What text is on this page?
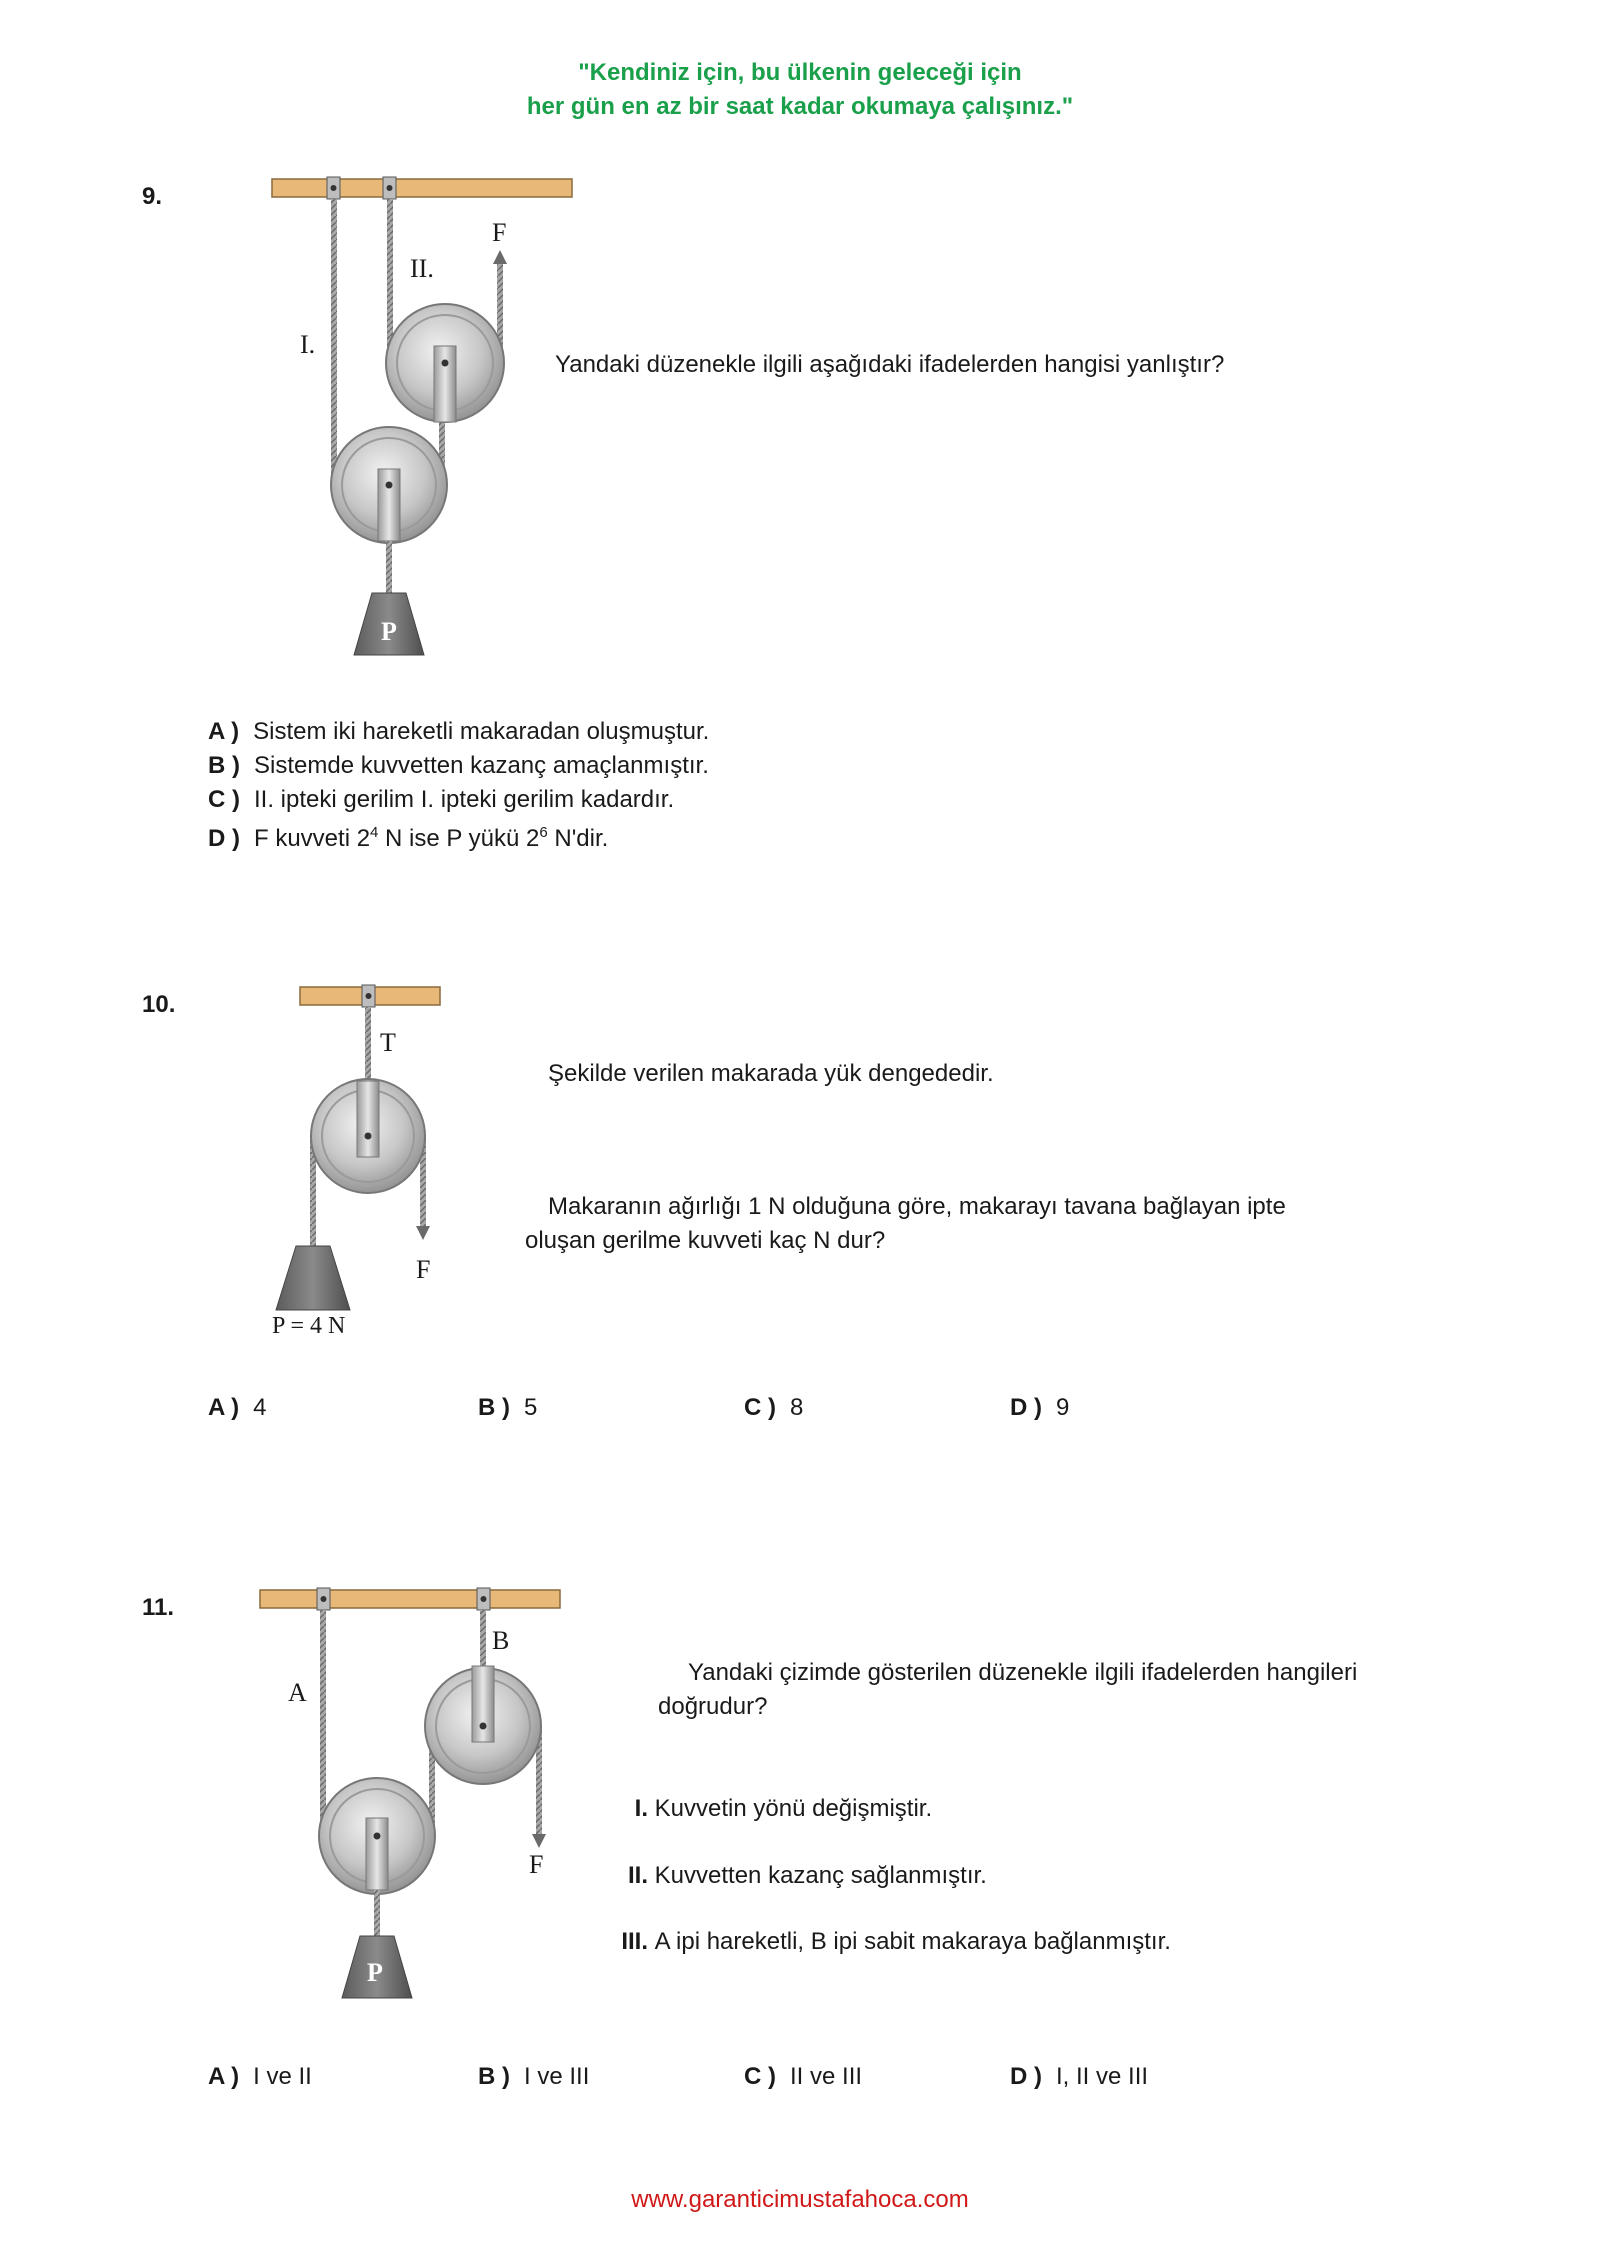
"Kendiniz için, bu ülkenin geleceği için
her gün en az bir saat kadar okumaya çalışınız."
9.
I.
II.
F
P
Yandaki düzenekle ilgili aşağıdaki ifadelerden hangisi yanlıştır?
A ) Sistem iki hareketli makaradan oluşmuştur.
B ) Sistemde kuvvetten kazanç amaçlanmıştır.
C ) II. ipteki gerilim I. ipteki gerilim kadardır.
D ) F kuvveti $2^4$ N ise P yükü $2^6$ N'dir.
10.
T
F
P = 4 N
Şekilde verilen makarada yük dengededir.
Makaranın ağırlığı 1 N olduğuna göre, makarayı tavana bağlayan ipte
oluşan gerilme kuvveti kaç N dur?
A ) 4	B ) 5	C ) 8	D ) 9
11.
A
B
F
P
Yandaki çizimde gösterilen düzenekle ilgili ifadelerden hangileri
doğrudur?
I. Kuvvetin yönü değişmiştir.
II. Kuvvetten kazanç sağlanmıştır.
III. A ipi hareketli, B ipi sabit makaraya bağlanmıştır.
A ) I ve II	B ) I ve III	C ) II ve III	D ) I, II ve III
www.garanticimustafahoca.com
